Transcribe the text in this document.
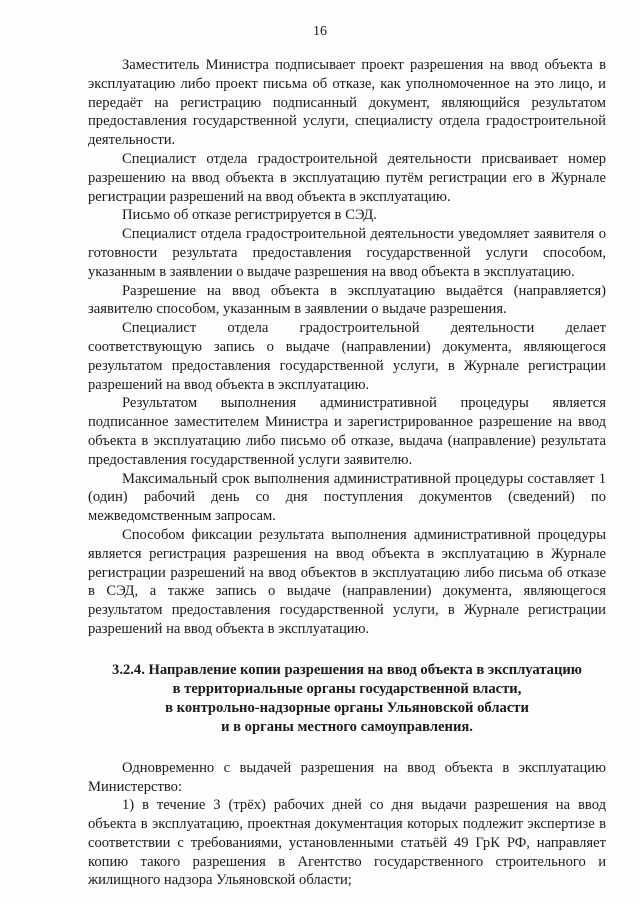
16

Заместитель Министра подписывает проект разрешения на ввод объекта в эксплуатацию либо проект письма об отказе, как уполномоченное на это лицо, и передаёт на регистрацию подписанный документ, являющийся результатом предоставления государственной услуги, специалисту отдела градостроительной деятельности.

Специалист отдела градостроительной деятельности присваивает номер разрешению на ввод объекта в эксплуатацию путём регистрации его в Журнале регистрации разрешений на ввод объекта в эксплуатацию.

Письмо об отказе регистрируется в СЭД.

Специалист отдела градостроительной деятельности уведомляет заявителя о готовности результата предоставления государственной услуги способом, указанным в заявлении о выдаче разрешения на ввод объекта в эксплуатацию.

Разрешение на ввод объекта в эксплуатацию выдаётся (направляется) заявителю способом, указанным в заявлении о выдаче разрешения.

Специалист отдела градостроительной деятельности делает соответствующую запись о выдаче (направлении) документа, являющегося результатом предоставления государственной услуги, в Журнале регистрации разрешений на ввод объекта в эксплуатацию.

Результатом выполнения административной процедуры является подписанное заместителем Министра и зарегистрированное разрешение на ввод объекта в эксплуатацию либо письмо об отказе, выдача (направление) результата предоставления государственной услуги заявителю.

Максимальный срок выполнения административной процедуры составляет 1 (один) рабочий день со дня поступления документов (сведений) по межведомственным запросам.

Способом фиксации результата выполнения административной процедуры является регистрация разрешения на ввод объекта в эксплуатацию в Журнале регистрации разрешений на ввод объектов в эксплуатацию либо письма об отказе в СЭД, а также запись о выдаче (направлении) документа, являющегося результатом предоставления государственной услуги, в Журнале регистрации разрешений на ввод объекта в эксплуатацию.

3.2.4. Направление копии разрешения на ввод объекта в эксплуатацию
в территориальные органы государственной власти,
в контрольно-надзорные органы Ульяновской области
и в органы местного самоуправления.

Одновременно с выдачей разрешения на ввод объекта в эксплуатацию Министерство:

1) в течение 3 (трёх) рабочих дней со дня выдачи разрешения на ввод объекта в эксплуатацию, проектная документация которых подлежит экспертизе в соответствии с требованиями, установленными статьёй 49 ГрК РФ, направляет копию такого разрешения в Агентство государственного строительного и жилищного надзора Ульяновской области;
